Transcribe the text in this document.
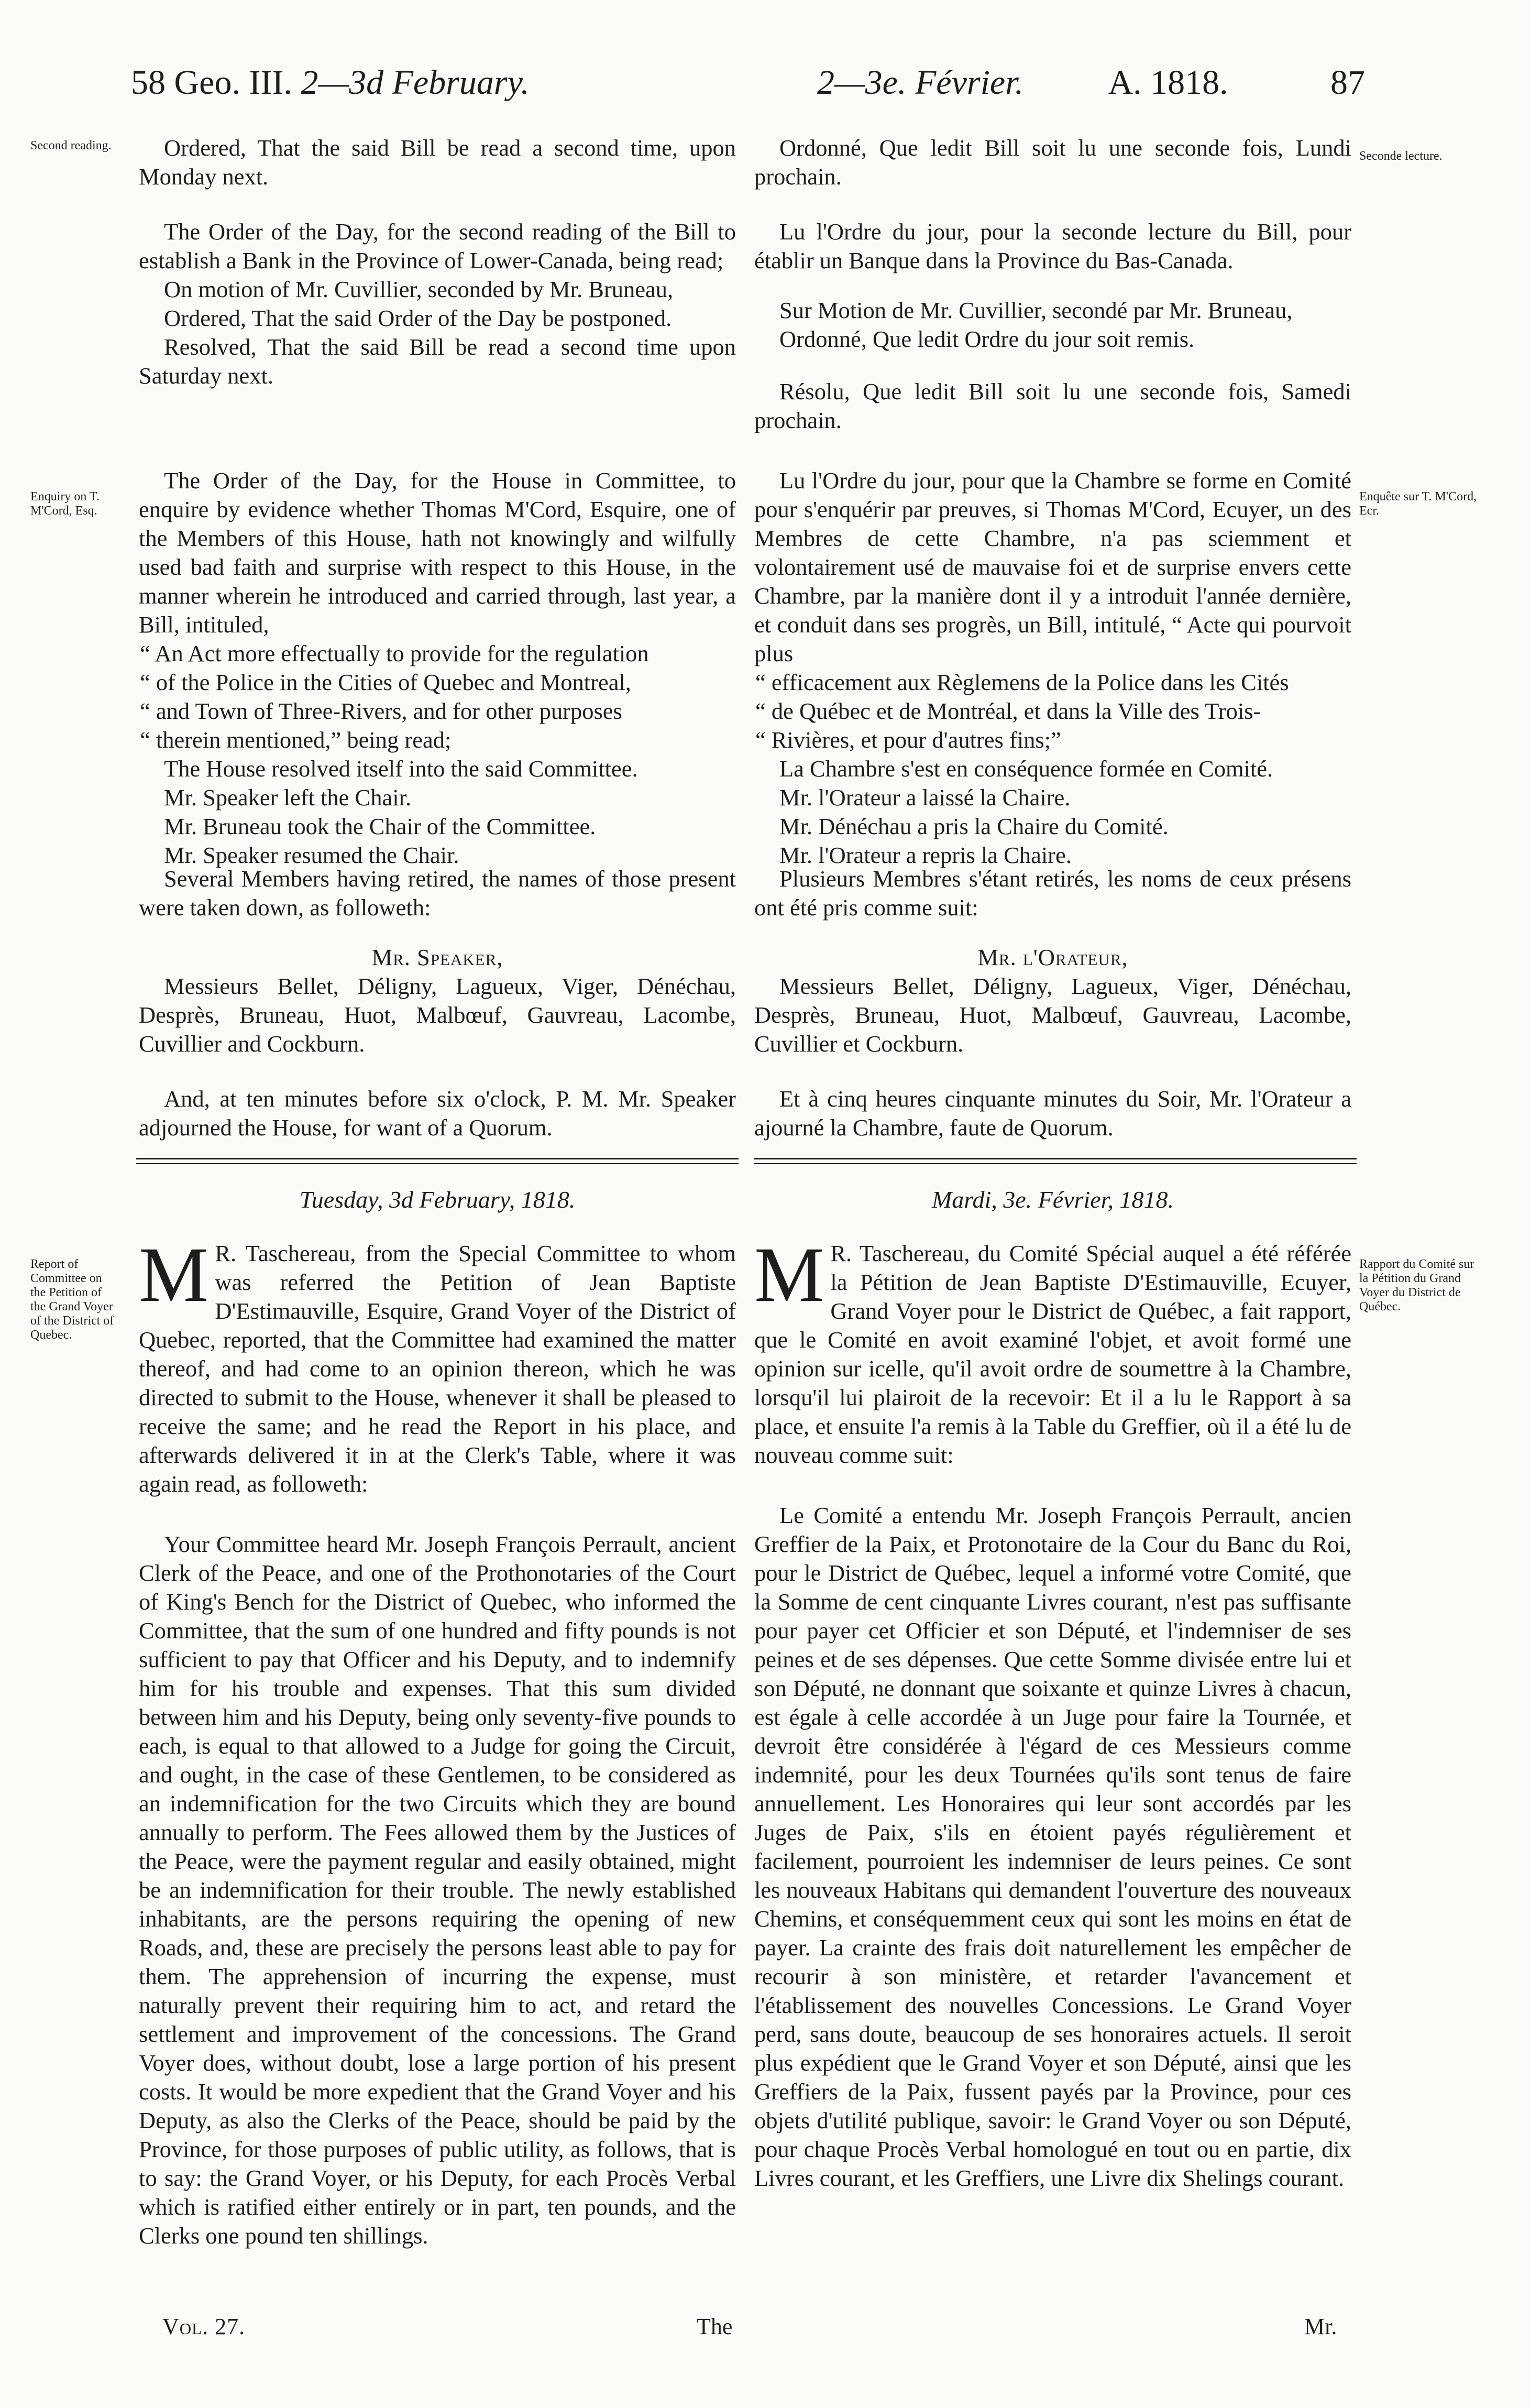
58 Geo. III. 2—3d February.	2—3e. Février. A. 1818.	87
Second reading.
Enquiry on T. M'Cord, Esq.
Report of Committee on the Petition of the Grand Voyer of the District of Quebec.
Seconde lecture.
Enquête sur T. M'Cord, Ecr.
Rapport du Comité sur la Pétition du Grand Voyer du District de Québec.

Ordered, That the said Bill be read a second time, upon Monday next.

The Order of the Day, for the second reading of the Bill to establish a Bank in the Province of Lower-Canada, being read;

On motion of Mr. Cuvillier, seconded by Mr. Bruneau,

Ordered, That the said Order of the Day be postponed.

Resolved, That the said Bill be read a second time upon Saturday next.

The Order of the Day, for the House in Committee, to enquire by evidence whether Thomas M'Cord, Esquire, one of the Members of this House, hath not knowingly and wilfully used bad faith and surprise with respect to this House, in the manner wherein he introduced and carried through, last year, a Bill, intituled,

“ An Act more effectually to provide for the regulation
“ of the Police in the Cities of Quebec and Montreal,
“ and Town of Three-Rivers, and for other purposes
“ therein mentioned,” being read;

The House resolved itself into the said Committee.

Mr. Speaker left the Chair.

Mr. Bruneau took the Chair of the Committee.

Mr. Speaker resumed the Chair.

Several Members having retired, the names of those present were taken down, as followeth:

Mr. Speaker,

Messieurs Bellet, Déligny, Lagueux, Viger, Dénéchau, Desprès, Bruneau, Huot, Malbœuf, Gauvreau, Lacombe, Cuvillier and Cockburn.

And, at ten minutes before six o'clock, P. M. Mr. Speaker adjourned the House, for want of a Quorum.

Tuesday, 3d February, 1818.

M R. Taschereau, from the Special Committee to whom was referred the Petition of Jean Baptiste D'Estimauville, Esquire, Grand Voyer of the District of Quebec, reported, that the Committee had examined the matter thereof, and had come to an opinion thereon, which he was directed to submit to the House, whenever it shall be pleased to receive the same; and he read the Report in his place, and afterwards delivered it in at the Clerk's Table, where it was again read, as followeth:

Your Committee heard Mr. Joseph François Perrault, ancient Clerk of the Peace, and one of the Prothonotaries of the Court of King's Bench for the District of Quebec, who informed the Committee, that the sum of one hundred and fifty pounds is not sufficient to pay that Officer and his Deputy, and to indemnify him for his trouble and expenses. That this sum divided between him and his Deputy, being only seventy-five pounds to each, is equal to that allowed to a Judge for going the Circuit, and ought, in the case of these Gentlemen, to be considered as an indemnification for the two Circuits which they are bound annually to perform. The Fees allowed them by the Justices of the Peace, were the payment regular and easily obtained, might be an indemnification for their trouble. The newly established inhabitants, are the persons requiring the opening of new Roads, and, these are precisely the persons least able to pay for them. The apprehension of incurring the expense, must naturally prevent their requiring him to act, and retard the settlement and improvement of the concessions. The Grand Voyer does, without doubt, lose a large portion of his present costs. It would be more expedient that the Grand Voyer and his Deputy, as also the Clerks of the Peace, should be paid by the Province, for those purposes of public utility, as follows, that is to say: the Grand Voyer, or his Deputy, for each Procès Verbal which is ratified either entirely or in part, ten pounds, and the Clerks one pound ten shillings.

Ordonné, Que ledit Bill soit lu une seconde fois, Lundi prochain.

Lu l'Ordre du jour, pour la seconde lecture du Bill, pour établir un Banque dans la Province du Bas-Canada.

Sur Motion de Mr. Cuvillier, secondé par Mr. Bruneau,

Ordonné, Que ledit Ordre du jour soit remis.

Résolu, Que ledit Bill soit lu une seconde fois, Samedi prochain.

Lu l'Ordre du jour, pour que la Chambre se forme en Comité pour s'enquérir par preuves, si Thomas M'Cord, Ecuyer, un des Membres de cette Chambre, n'a pas sciemment et volontairement usé de mauvaise foi et de surprise envers cette Chambre, par la manière dont il y a introduit l'année dernière, et conduit dans ses progrès, un Bill, intitulé, “ Acte qui pourvoit plus

“ efficacement aux Règlemens de la Police dans les Cités
“ de Québec et de Montréal, et dans la Ville des Trois-
“ Rivières, et pour d'autres fins;”

La Chambre s'est en conséquence formée en Comité.

Mr. l'Orateur a laissé la Chaire.

Mr. Dénéchau a pris la Chaire du Comité.

Mr. l'Orateur a repris la Chaire.

Plusieurs Membres s'étant retirés, les noms de ceux présens ont été pris comme suit:

Mr. l'Orateur,

Messieurs Bellet, Déligny, Lagueux, Viger, Dénéchau, Desprès, Bruneau, Huot, Malbœuf, Gauvreau, Lacombe, Cuvillier et Cockburn.

Et à cinq heures cinquante minutes du Soir, Mr. l'Orateur a ajourné la Chambre, faute de Quorum.

Mardi, 3e. Février, 1818.

M R. Taschereau, du Comité Spécial auquel a été référée la Pétition de Jean Baptiste D'Estimauville, Ecuyer, Grand Voyer pour le District de Québec, a fait rapport, que le Comité en avoit examiné l'objet, et avoit formé une opinion sur icelle, qu'il avoit ordre de soumettre à la Chambre, lorsqu'il lui plairoit de la recevoir: Et il a lu le Rapport à sa place, et ensuite l'a remis à la Table du Greffier, où il a été lu de nouveau comme suit:

Le Comité a entendu Mr. Joseph François Perrault, ancien Greffier de la Paix, et Protonotaire de la Cour du Banc du Roi, pour le District de Québec, lequel a informé votre Comité, que la Somme de cent cinquante Livres courant, n'est pas suffisante pour payer cet Officier et son Député, et l'indemniser de ses peines et de ses dépenses. Que cette Somme divisée entre lui et son Député, ne donnant que soixante et quinze Livres à chacun, est égale à celle accordée à un Juge pour faire la Tournée, et devroit être considérée à l'égard de ces Messieurs comme indemnité, pour les deux Tournées qu'ils sont tenus de faire annuellement. Les Honoraires qui leur sont accordés par les Juges de Paix, s'ils en étoient payés régulièrement et facilement, pourroient les indemniser de leurs peines. Ce sont les nouveaux Habitans qui demandent l'ouverture des nouveaux Chemins, et conséquemment ceux qui sont les moins en état de payer. La crainte des frais doit naturellement les empêcher de recourir à son ministère, et retarder l'avancement et l'établissement des nouvelles Concessions. Le Grand Voyer perd, sans doute, beaucoup de ses honoraires actuels. Il seroit plus expédient que le Grand Voyer et son Député, ainsi que les Greffiers de la Paix, fussent payés par la Province, pour ces objets d'utilité publique, savoir: le Grand Voyer ou son Député, pour chaque Procès Verbal homologué en tout ou en partie, dix Livres courant, et les Greffiers, une Livre dix Shelings courant.

Vol. 27.	The	Mr.
